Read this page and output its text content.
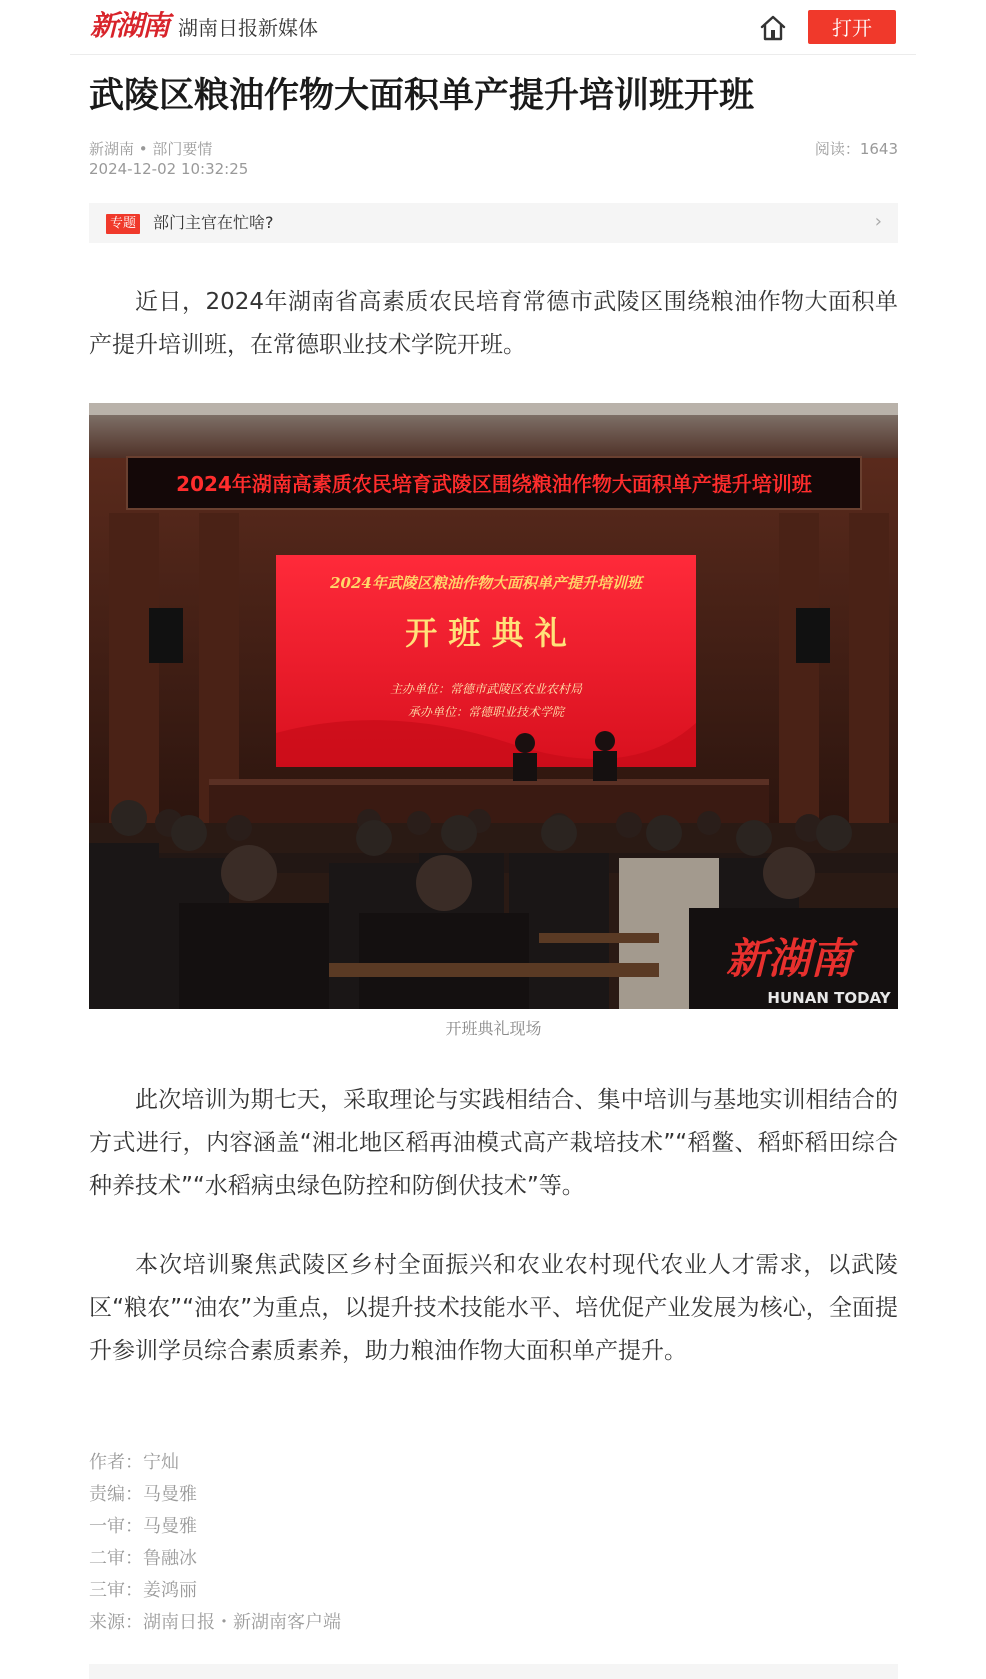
新湖南 湖南日报新媒体	打开
武陵区粮油作物大面积单产提升培训班开班
新湖南 • 部门要情
2024-12-02 10:32:25
阅读：1643
专题 部门主官在忙啥?	›

近日，2024年湖南省高素质农民培育常德市武陵区围绕粮油作物大面积单产提升培训班，在常德职业技术学院开班。

2024年湖南高素质农民培育武陵区围绕粮油作物大面积单产提升培训班
2024年武陵区粮油作物大面积单产提升培训班
开 班 典 礼
主办单位：常德市武陵区农业农村局
承办单位：常德职业技术学院
新湖南
HUNAN TODAY
开班典礼现场

此次培训为期七天，采取理论与实践相结合、集中培训与基地实训相结合的方式进行，内容涵盖“湘北地区稻再油模式高产栽培技术”“稻鳖、稻虾稻田综合种养技术”“水稻病虫绿色防控和防倒伏技术”等。

本次培训聚焦武陵区乡村全面振兴和农业农村现代农业人才需求，以武陵区“粮农”“油农”为重点，以提升技术技能水平、培优促产业发展为核心，全面提升参训学员综合素质素养，助力粮油作物大面积单产提升。

作者：宁灿
责编：马曼雅
一审：马曼雅
二审：鲁融冰
三审：姜鸿丽
来源：湖南日报・新湖南客户端
